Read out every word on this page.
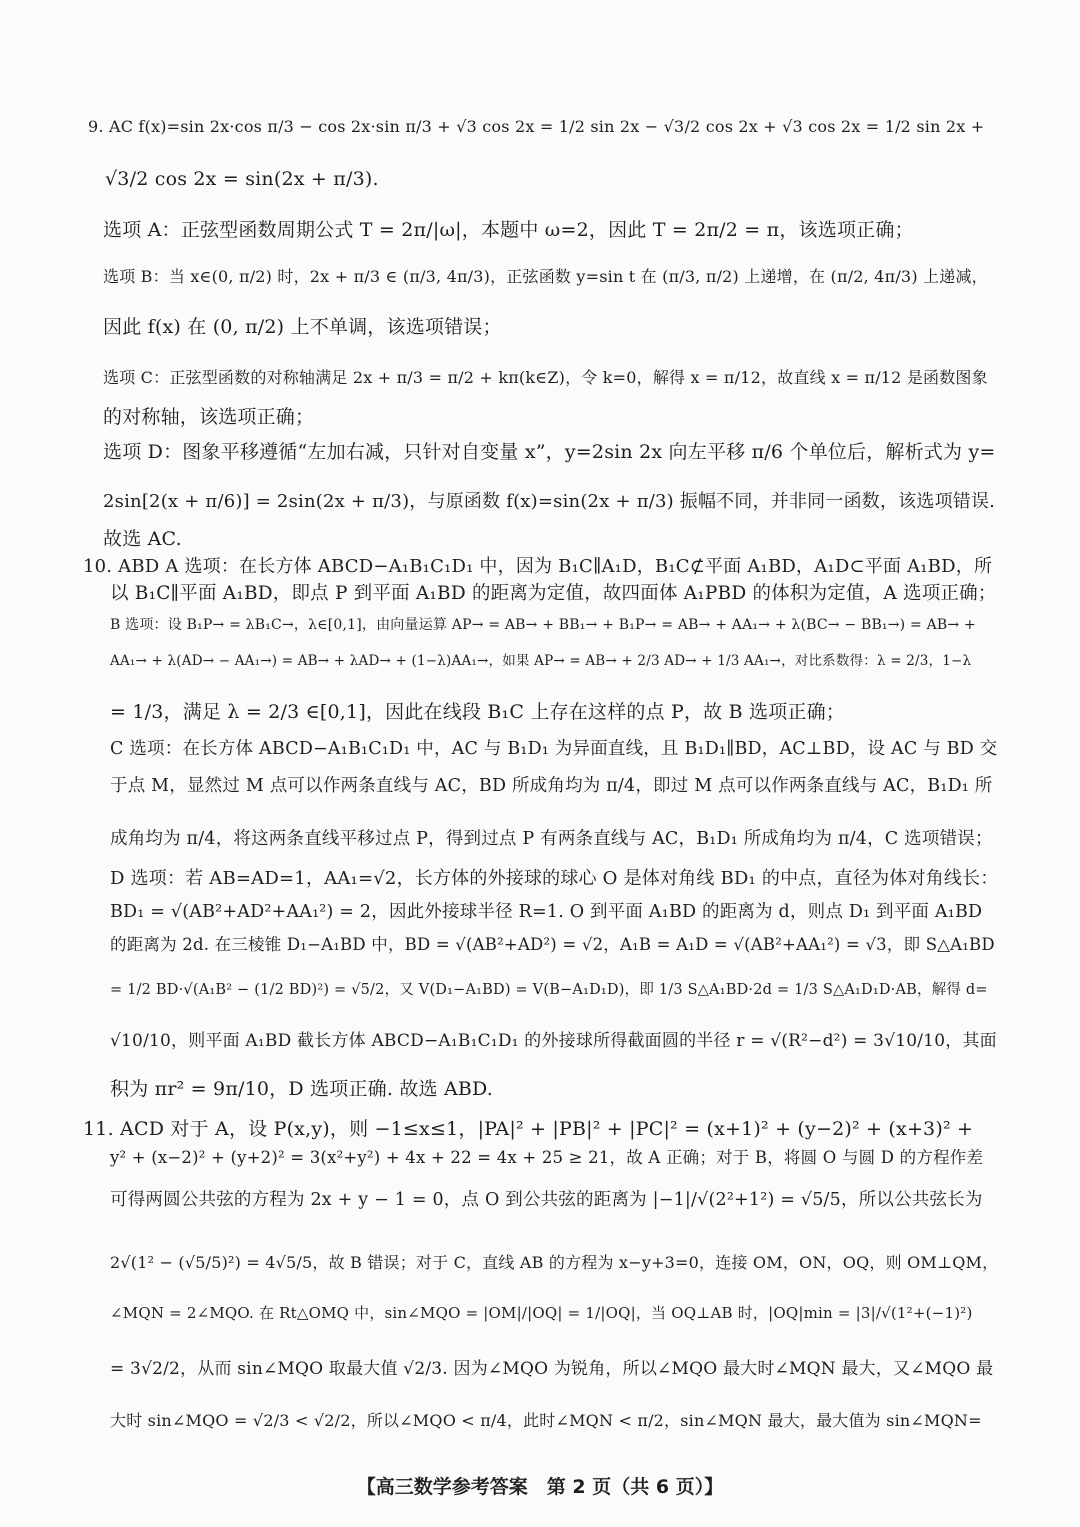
9. AC f(x)=sin 2x·cos π/3 − cos 2x·sin π/3 + √3 cos 2x = 1/2 sin 2x − √3/2 cos 2x + √3 cos 2x = 1/2 sin 2x +
√3/2 cos 2x = sin(2x + π/3).
选项 A：正弦型函数周期公式 T = 2π/|ω|，本题中 ω=2，因此 T = 2π/2 = π，该选项正确；
选项 B：当 x∈(0, π/2) 时，2x + π/3 ∈ (π/3, 4π/3)，正弦函数 y=sin t 在 (π/3, π/2) 上递增，在 (π/2, 4π/3) 上递减，
因此 f(x) 在 (0, π/2) 上不单调，该选项错误；
选项 C：正弦型函数的对称轴满足 2x + π/3 = π/2 + kπ(k∈Z)，令 k=0，解得 x = π/12，故直线 x = π/12 是函数图象
的对称轴，该选项正确；
选项 D：图象平移遵循“左加右减，只针对自变量 x”，y=2sin 2x 向左平移 π/6 个单位后，解析式为 y=
2sin[2(x + π/6)] = 2sin(2x + π/3)，与原函数 f(x)=sin(2x + π/3) 振幅不同，并非同一函数，该选项错误.
故选 AC.
10. ABD A 选项：在长方体 ABCD−A₁B₁C₁D₁ 中，因为 B₁C∥A₁D，B₁C⊄平面 A₁BD，A₁D⊂平面 A₁BD，所
以 B₁C∥平面 A₁BD，即点 P 到平面 A₁BD 的距离为定值，故四面体 A₁PBD 的体积为定值，A 选项正确；
B 选项：设 B₁P→ = λB₁C→，λ∈[0,1]，由向量运算 AP→ = AB→ + BB₁→ + B₁P→ = AB→ + AA₁→ + λ(BC→ − BB₁→) = AB→ +
AA₁→ + λ(AD→ − AA₁→) = AB→ + λAD→ + (1−λ)AA₁→，如果 AP→ = AB→ + 2/3 AD→ + 1/3 AA₁→，对比系数得：λ = 2/3，1−λ
= 1/3，满足 λ = 2/3 ∈[0,1]，因此在线段 B₁C 上存在这样的点 P，故 B 选项正确；
C 选项：在长方体 ABCD−A₁B₁C₁D₁ 中，AC 与 B₁D₁ 为异面直线，且 B₁D₁∥BD，AC⊥BD，设 AC 与 BD 交
于点 M，显然过 M 点可以作两条直线与 AC，BD 所成角均为 π/4，即过 M 点可以作两条直线与 AC，B₁D₁ 所
成角均为 π/4，将这两条直线平移过点 P，得到过点 P 有两条直线与 AC，B₁D₁ 所成角均为 π/4，C 选项错误；
D 选项：若 AB=AD=1，AA₁=√2，长方体的外接球的球心 O 是体对角线 BD₁ 的中点，直径为体对角线长：
BD₁ = √(AB²+AD²+AA₁²) = 2，因此外接球半径 R=1. O 到平面 A₁BD 的距离为 d，则点 D₁ 到平面 A₁BD
的距离为 2d. 在三棱锥 D₁−A₁BD 中，BD = √(AB²+AD²) = √2，A₁B = A₁D = √(AB²+AA₁²) = √3，即 S△A₁BD
= 1/2 BD·√(A₁B² − (1/2 BD)²) = √5/2，又 V(D₁−A₁BD) = V(B−A₁D₁D)，即 1/3 S△A₁BD·2d = 1/3 S△A₁D₁D·AB，解得 d=
√10/10，则平面 A₁BD 截长方体 ABCD−A₁B₁C₁D₁ 的外接球所得截面圆的半径 r = √(R²−d²) = 3√10/10，其面
积为 πr² = 9π/10，D 选项正确. 故选 ABD.
11. ACD 对于 A，设 P(x,y)，则 −1≤x≤1，|PA|² + |PB|² + |PC|² = (x+1)² + (y−2)² + (x+3)² +
y² + (x−2)² + (y+2)² = 3(x²+y²) + 4x + 22 = 4x + 25 ≥ 21，故 A 正确；对于 B，将圆 O 与圆 D 的方程作差
可得两圆公共弦的方程为 2x + y − 1 = 0，点 O 到公共弦的距离为 |−1|/√(2²+1²) = √5/5，所以公共弦长为
2√(1² − (√5/5)²) = 4√5/5，故 B 错误；对于 C，直线 AB 的方程为 x−y+3=0，连接 OM，ON，OQ，则 OM⊥QM，
∠MQN = 2∠MQO. 在 Rt△OMQ 中，sin∠MQO = |OM|/|OQ| = 1/|OQ|，当 OQ⊥AB 时，|OQ|min = |3|/√(1²+(−1)²)
= 3√2/2，从而 sin∠MQO 取最大值 √2/3. 因为∠MQO 为锐角，所以∠MQO 最大时∠MQN 最大，又∠MQO 最
大时 sin∠MQO = √2/3 < √2/2，所以∠MQO < π/4，此时∠MQN < π/2，sin∠MQN 最大，最大值为 sin∠MQN=
【高三数学参考答案　第 2 页（共 6 页）】
